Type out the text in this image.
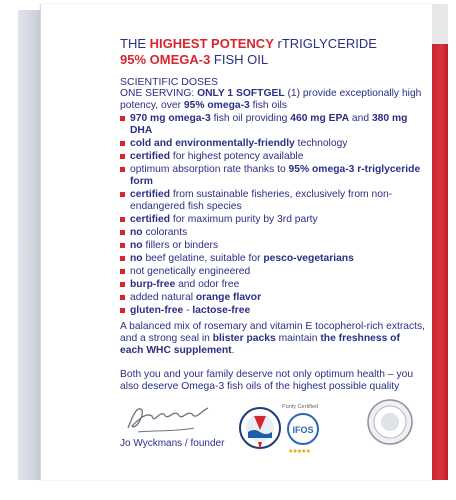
THE HIGHEST POTENCY rTRIGLYCERIDE

95% OMEGA-3 FISH OIL

SCIENTIFIC DOSES

ONE SERVING: ONLY 1 SOFTGEL (1) provide exceptionally high potency, over 95% omega-3 fish oils

970 mg omega-3 fish oil providing 460 mg EPA and 380 mg DHA
cold and environmentally-friendly technology
certified for highest potency available
optimum absorption rate thanks to 95% omega-3 r-triglyceride form
certified from sustainable fisheries, exclusively from non-endangered fish species
certified for maximum purity by 3rd party
no colorants
no fillers or binders
no beef gelatine, suitable for pesco-vegetarians
not genetically engineered
burp-free and odor free
added natural orange flavor
gluten-free - lactose-free

A balanced mix of rosemary and vitamin E tocopherol-rich extracts, and a strong seal in blister packs maintain the freshness of each WHC supplement.

Both you and your family deserve not only optimum health – you also deserve Omega-3 fish oils of the highest possible quality

Jo Wyckmans / founder
Purity Certified
IFOS
★★★★★
